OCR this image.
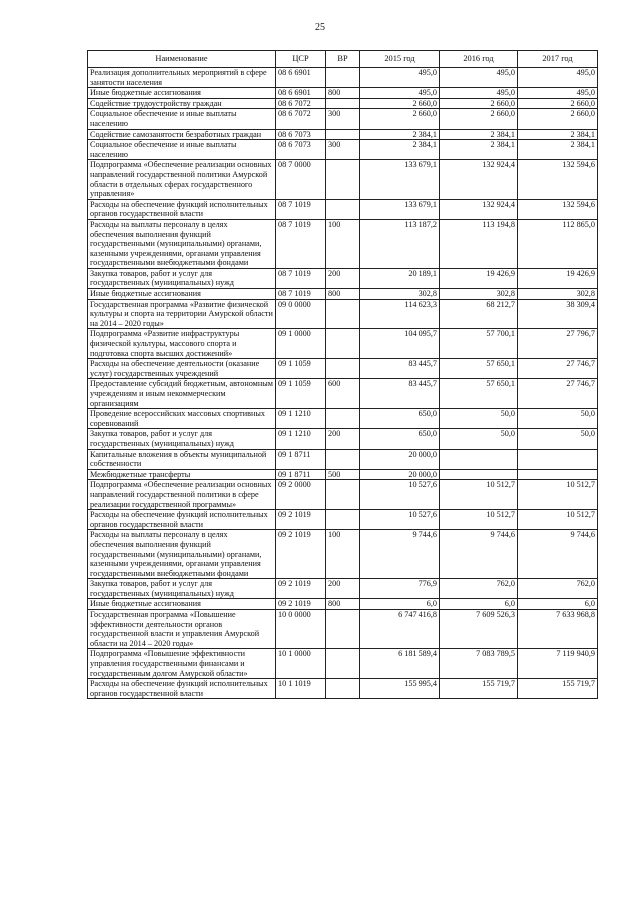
25
Наименование	ЦСР	ВР	2015 год	2016 год	2017 год
Реализация дополнительных мероприятий в сфере занятости населения	08 6 6901		495,0	495,0	495,0
Иные бюджетные ассигнования	08 6 6901	800	495,0	495,0	495,0
Содействие трудоустройству граждан	08 6 7072		2 660,0	2 660,0	2 660,0
Социальное обеспечение и иные выплаты населению	08 6 7072	300	2 660,0	2 660,0	2 660,0
Содействие самозанятости безработных граждан	08 6 7073		2 384,1	2 384,1	2 384,1
Социальное обеспечение и иные выплаты населению	08 6 7073	300	2 384,1	2 384,1	2 384,1
Подпрограмма «Обеспечение реализации основных направлений государственной политики Амурской области в отдельных сферах государственного управления»	08 7 0000		133 679,1	132 924,4	132 594,6
Расходы на обеспечение функций исполнительных органов государственной власти	08 7 1019		133 679,1	132 924,4	132 594,6
Расходы на выплаты персоналу в целях обеспечения выполнения функций государственными (муниципальными) органами, казенными учреждениями, органами управления государственными внебюджетными фондами	08 7 1019	100	113 187,2	113 194,8	112 865,0
Закупка товаров, работ и услуг для государственных (муниципальных) нужд	08 7 1019	200	20 189,1	19 426,9	19 426,9
Иные бюджетные ассигнования	08 7 1019	800	302,8	302,8	302,8
Государственная программа «Развитие физической культуры и спорта на территории Амурской области на 2014 – 2020 годы»	09 0 0000		114 623,3	68 212,7	38 309,4
Подпрограмма «Развитие инфраструктуры физической культуры, массового спорта и подготовка спорта высших достижений»	09 1 0000		104 095,7	57 700,1	27 796,7
Расходы на обеспечение деятельности (оказание услуг) государственных учреждений	09 1 1059		83 445,7	57 650,1	27 746,7
Предоставление субсидий бюджетным, автономным учреждениям и иным некоммерческим организациям	09 1 1059	600	83 445,7	57 650,1	27 746,7
Проведение всероссийских массовых спортивных соревнований	09 1 1210		650,0	50,0	50,0
Закупка товаров, работ и услуг для государственных (муниципальных) нужд	09 1 1210	200	650,0	50,0	50,0
Капитальные вложения в объекты муниципальной собственности	09 1 8711		20 000,0		
Межбюджетные трансферты	09 1 8711	500	20 000,0		
Подпрограмма «Обеспечение реализации основных направлений государственной политики в сфере реализации государственной программы»	09 2 0000		10 527,6	10 512,7	10 512,7
Расходы на обеспечение функций исполнительных органов государственной власти	09 2 1019		10 527,6	10 512,7	10 512,7
Расходы на выплаты персоналу в целях обеспечения выполнения функций государственными (муниципальными) органами, казенными учреждениями, органами управления государственными внебюджетными фондами	09 2 1019	100	9 744,6	9 744,6	9 744,6
Закупка товаров, работ и услуг для государственных (муниципальных) нужд	09 2 1019	200	776,9	762,0	762,0
Иные бюджетные ассигнования	09 2 1019	800	6,0	6,0	6,0
Государственная программа «Повышение эффективности деятельности органов государственной власти и управления Амурской области на 2014 – 2020 годы»	10 0 0000		6 747 416,8	7 609 526,3	7 633 968,8
Подпрограмма «Повышение эффективности управления государственными финансами и государственным долгом Амурской области»	10 1 0000		6 181 589,4	7 083 789,5	7 119 940,9
Расходы на обеспечение функций исполнительных органов государственной власти	10 1 1019		155 995,4	155 719,7	155 719,7
